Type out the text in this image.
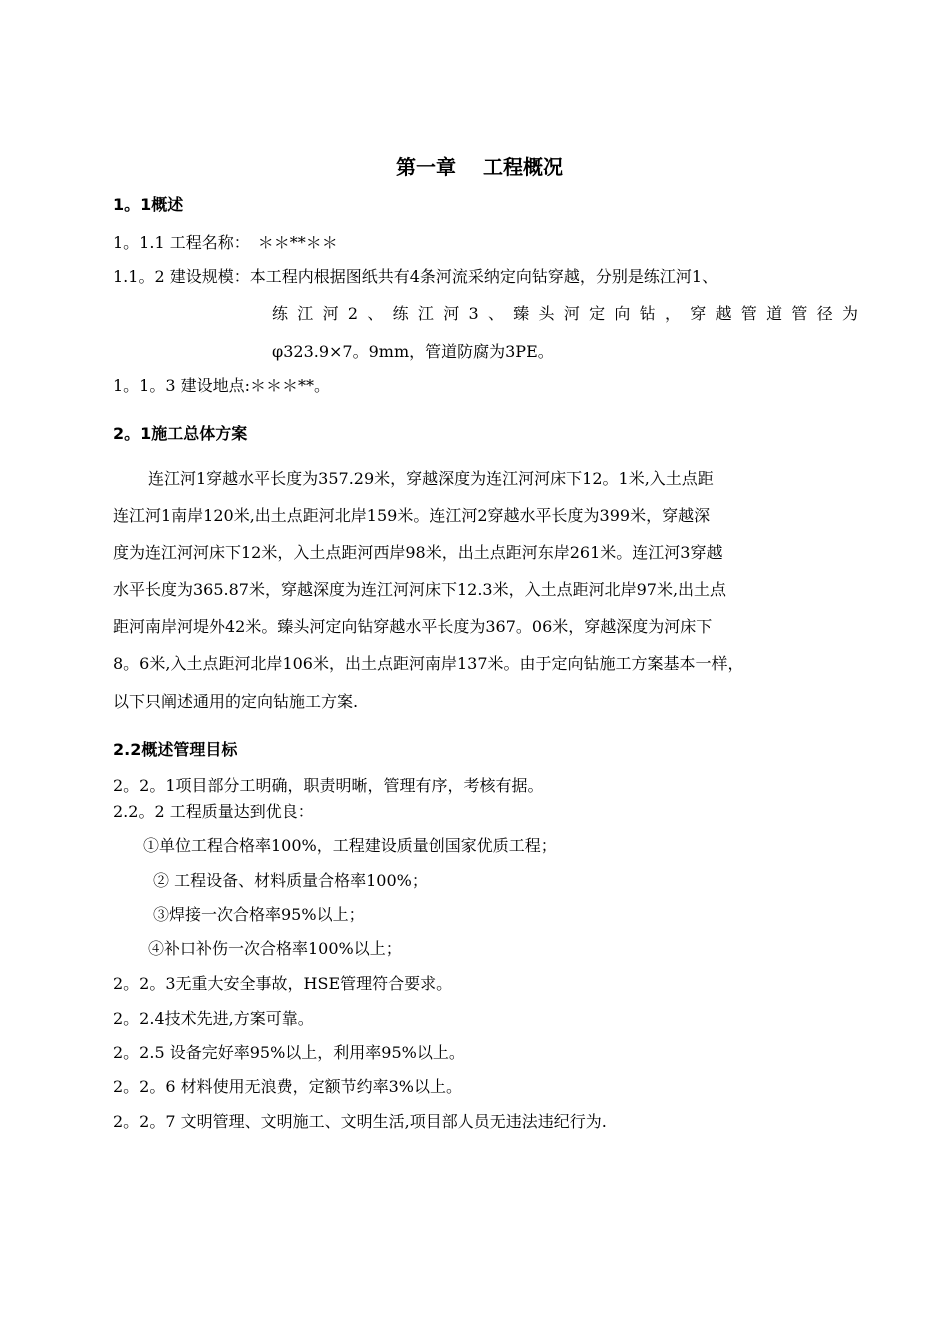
第一章　 工程概况
1。1概述
1。1.1 工程名称：　＊＊**＊＊
1.1。2 建设规模：本工程内根据图纸共有4条河流采纳定向钻穿越，分别是练江河1、
练江河2、练江河3、臻头河定向钻，穿越管道管径为
φ323.9×7。9mm，管道防腐为3PE。
1。1。3 建设地点:＊＊＊**。
2。1施工总体方案
连江河1穿越水平长度为357.29米，穿越深度为连江河河床下12。1米,入土点距
连江河1南岸120米,出土点距河北岸159米。连江河2穿越水平长度为399米，穿越深
度为连江河河床下12米，入土点距河西岸98米，出土点距河东岸261米。连江河3穿越
水平长度为365.87米，穿越深度为连江河河床下12.3米，入土点距河北岸97米,出土点
距河南岸河堤外42米。臻头河定向钻穿越水平长度为367。06米，穿越深度为河床下
8。6米,入土点距河北岸106米，出土点距河南岸137米。由于定向钻施工方案基本一样，
以下只阐述通用的定向钻施工方案.
2.2概述管理目标
2。2。1项目部分工明确，职责明晰，管理有序，考核有据。
2.2。2 工程质量达到优良：
①单位工程合格率100%，工程建设质量创国家优质工程；
② 工程设备、材料质量合格率100%；
③焊接一次合格率95%以上；
④补口补伤一次合格率100%以上；
2。2。3无重大安全事故，HSE管理符合要求。
2。2.4技术先进,方案可靠。
2。2.5 设备完好率95%以上，利用率95%以上。
2。2。6 材料使用无浪费，定额节约率3%以上。
2。2。7 文明管理、文明施工、文明生活,项目部人员无违法违纪行为.
